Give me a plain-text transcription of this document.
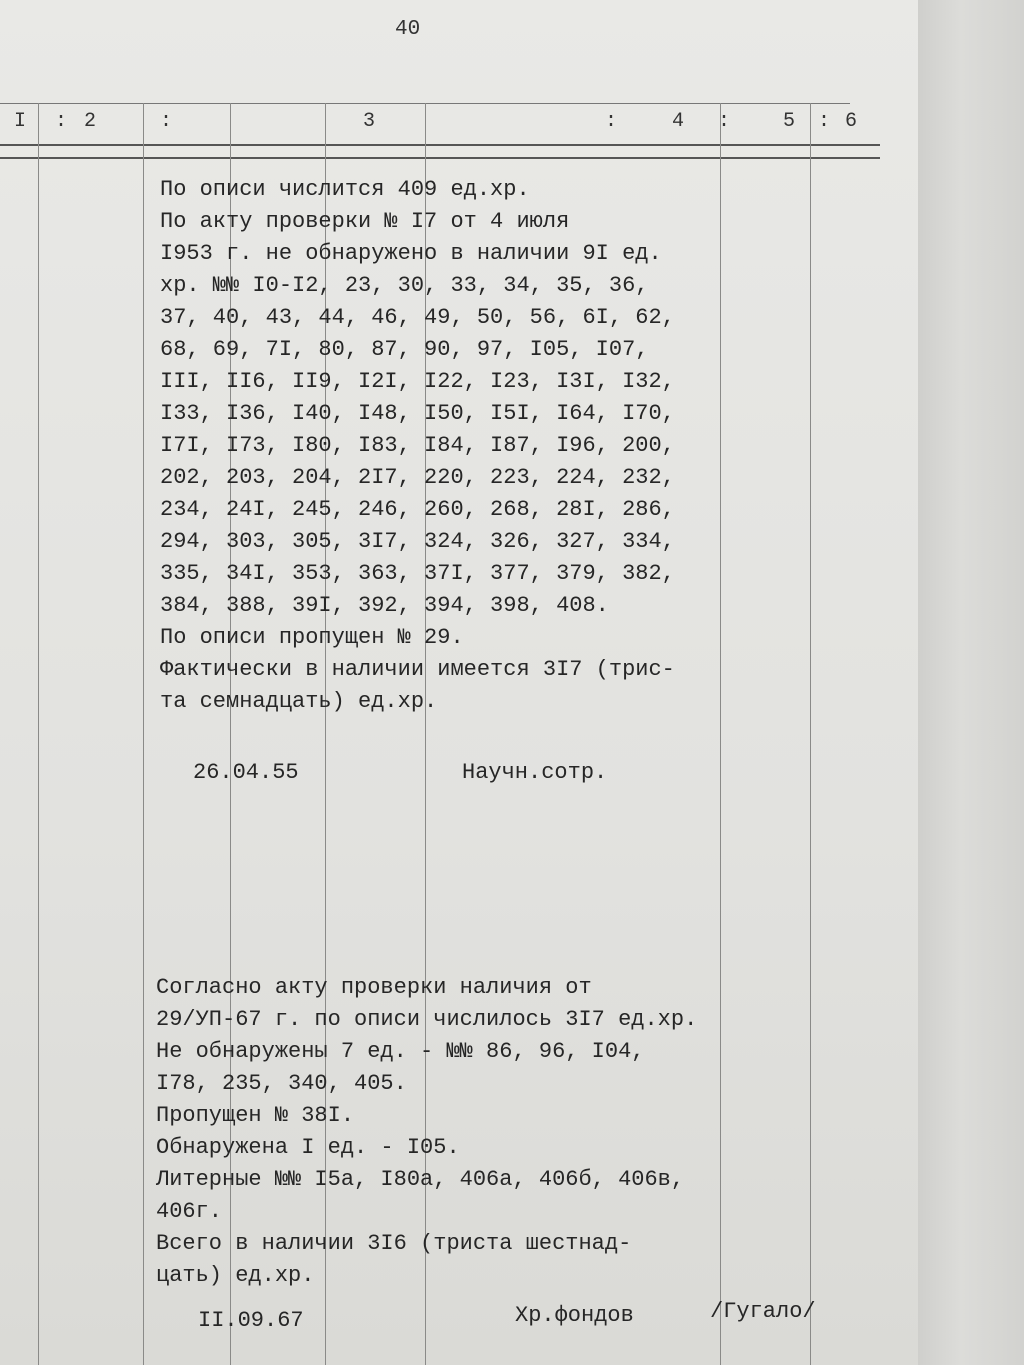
40
I : 2	:	3	:	4 :	5 : 6
По описи числится 409 ед.хр.
По акту проверки № I7 от 4 июля
I953 г. не обнаружено в наличии 9I ед.
хр. №№ I0-I2, 23, 30, 33, 34, 35, 36,
37, 40, 43, 44, 46, 49, 50, 56, 6I, 62,
68, 69, 7I, 80, 87, 90, 97, I05, I07,
III, II6, II9, I2I, I22, I23, I3I, I32,
I33, I36, I40, I48, I50, I5I, I64, I70,
I7I, I73, I80, I83, I84, I87, I96, 200,
202, 203, 204, 2I7, 220, 223, 224, 232,
234, 24I, 245, 246, 260, 268, 28I, 286,
294, 303, 305, 3I7, 324, 326, 327, 334,
335, 34I, 353, 363, 37I, 377, 379, 382,
384, 388, 39I, 392, 394, 398, 408.
По описи пропущен № 29.
Фактически в наличии имеется 3I7 (трис-
та семнадцать) ед.хр.
26.04.55	Научн.сотр.
Согласно акту проверки наличия от
29/УП-67 г. по описи числилось 3I7 ед.хр.
Не обнаружены 7 ед. - №№ 86, 96, I04,
I78, 235, 340, 405.
Пропущен № 38I.
Обнаружена I ед. - I05.
Литерные №№ I5а, I80а, 406а, 406б, 406в,
406г.
Всего в наличии 3I6 (триста шестнад-
цать) ед.хр.
II.09.67	Хр.фондов	/Гугало/
